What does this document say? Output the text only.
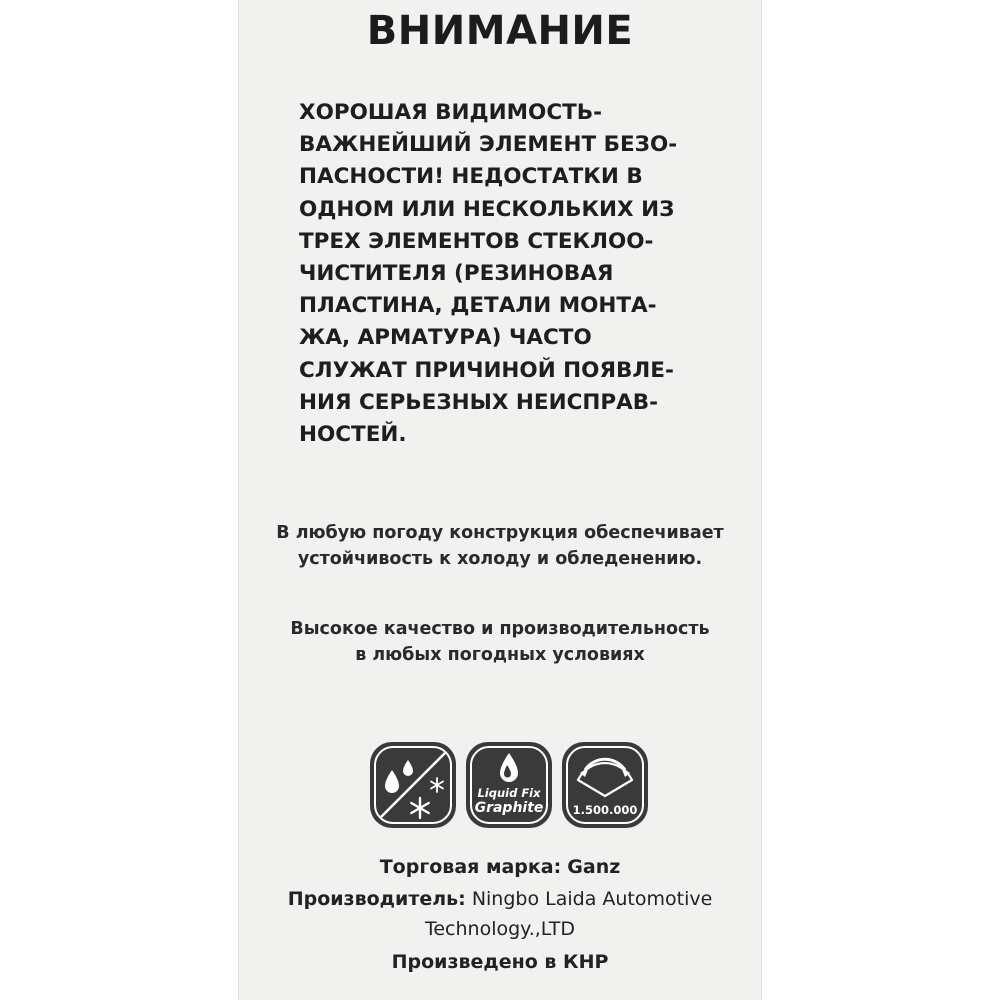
ВНИМАНИЕ
ХОРОШАЯ ВИДИМОСТЬ-
ВАЖНЕЙШИЙ ЭЛЕМЕНТ БЕЗО-
ПАСНОСТИ! НЕДОСТАТКИ В
ОДНОМ ИЛИ НЕСКОЛЬКИХ ИЗ
ТРЕХ ЭЛЕМЕНТОВ СТЕКЛОО-
ЧИСТИТЕЛЯ (РЕЗИНОВАЯ
ПЛАСТИНА, ДЕТАЛИ МОНТА-
ЖА, АРМАТУРА) ЧАСТО
СЛУЖАТ ПРИЧИНОЙ ПОЯВЛЕ-
НИЯ СЕРЬЕЗНЫХ НЕИСПРАВ-
НОСТЕЙ.
В любую погоду конструкция обеспечивает
устойчивость к холоду и обледенению.
Высокое качество и производительность
в любых погодных условиях
Liquid Fix
Graphite	1.500.000
Торговая марка: Ganz
Производитель: Ningbo Laida Automotive
Technology.,LTD
Произведено в КНР
